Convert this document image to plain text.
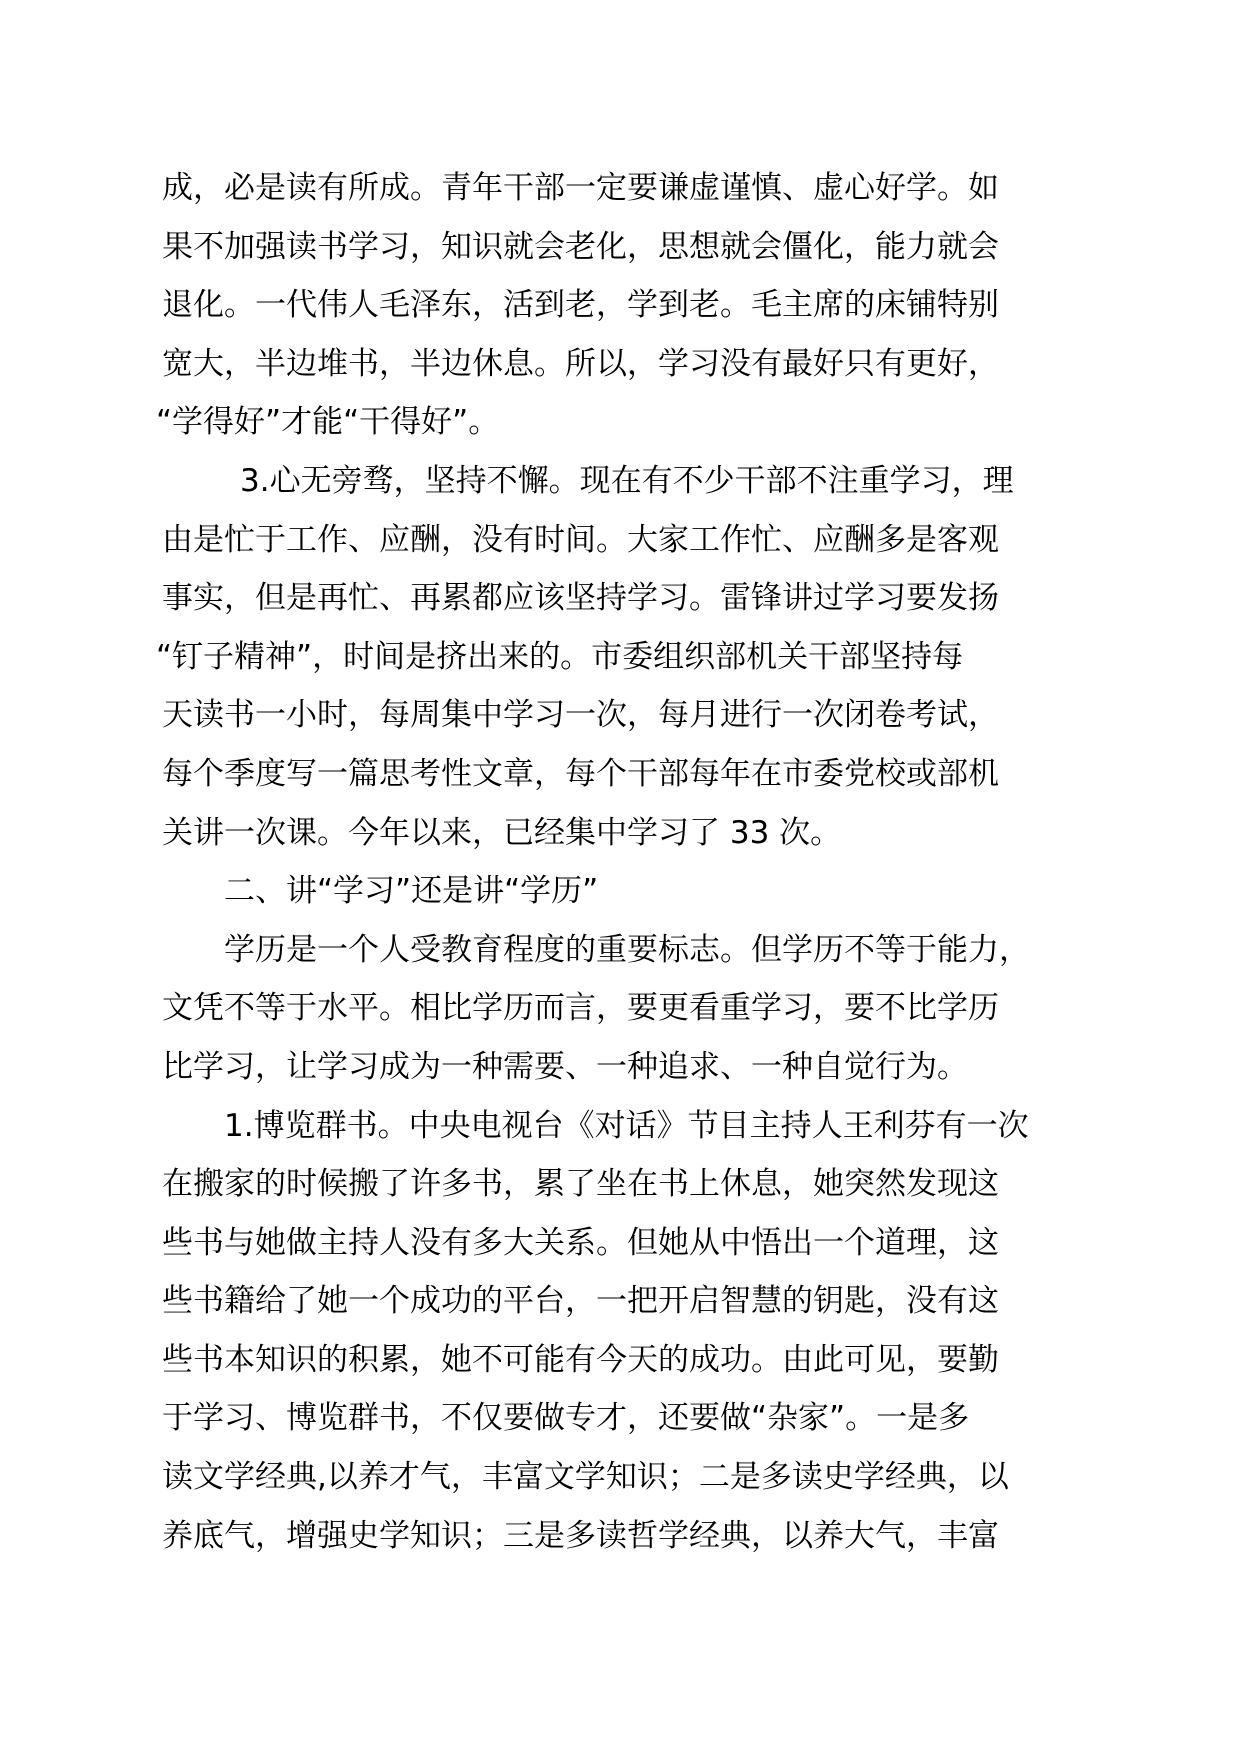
成，必是读有所成。青年干部一定要谦虚谨慎、虚心好学。如
果不加强读书学习，知识就会老化，思想就会僵化，能力就会
退化。一代伟人毛泽东，活到老，学到老。毛主席的床铺特别
宽大，半边堆书，半边休息。所以，学习没有最好只有更好，
“学得好”才能“干得好”。
3.心无旁骛，坚持不懈。现在有不少干部不注重学习，理
由是忙于工作、应酬，没有时间。大家工作忙、应酬多是客观
事实，但是再忙、再累都应该坚持学习。雷锋讲过学习要发扬
“钉子精神”，时间是挤出来的。市委组织部机关干部坚持每
天读书一小时，每周集中学习一次，每月进行一次闭卷考试，
每个季度写一篇思考性文章，每个干部每年在市委党校或部机
关讲一次课。今年以来，已经集中学习了 33 次。
二、讲“学习”还是讲“学历”
学历是一个人受教育程度的重要标志。但学历不等于能力，
文凭不等于水平。相比学历而言，要更看重学习，要不比学历
比学习，让学习成为一种需要、一种追求、一种自觉行为。
1.博览群书。中央电视台《对话》节目主持人王利芬有一次
在搬家的时候搬了许多书，累了坐在书上休息，她突然发现这
些书与她做主持人没有多大关系。但她从中悟出一个道理，这
些书籍给了她一个成功的平台，一把开启智慧的钥匙，没有这
些书本知识的积累，她不可能有今天的成功。由此可见，要勤
于学习、博览群书，不仅要做专才，还要做“杂家”。一是多
读文学经典,以养才气，丰富文学知识；二是多读史学经典，以
养底气，增强史学知识；三是多读哲学经典，以养大气，丰富
